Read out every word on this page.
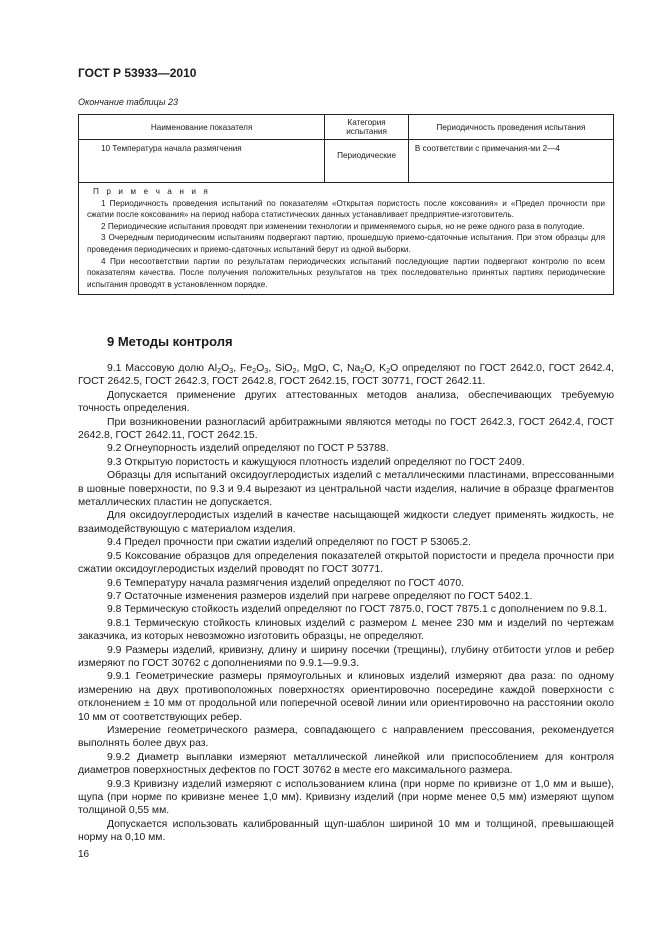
ГОСТ Р 53933—2010
Окончание таблицы 23
Наименование показателя	Категория испытания	Периодичность проведения испытания
10 Температура начала размягчения	Периодические	В соответствии с примечания-ми 2—4

П р и м е ч а н и я

1 Периодичность проведения испытаний по показателям «Открытая пористость после коксования» и «Предел прочности при сжатии после коксования» на период набора статистических данных устанавливает предприятие-изготовитель.

2 Периодические испытания проводят при изменении технологии и применяемого сырья, но не реже одного раза в полугодие.

3 Очередным периодическим испытаниям подвергают партию, прошедшую приемо-сдаточные испытания. При этом образцы для проведения периодических и приемо-сдаточных испытаний берут из одной выборки.

4 При несоответствии партии по результатам периодических испытаний последующие партии подвергают контролю по всем показателям качества. После получения положительных результатов на трех последовательно принятых партиях периодические испытания проводят в установленном порядке.		

9 Методы контроля

9.1 Массовую долю $Al_2O_3$, $Fe_2O_3$, SiO$_2$, MgO, C, $Na_2O$, $K_2O$ определяют по ГОСТ 2642.0, ГОСТ 2642.4, ГОСТ 2642.5, ГОСТ 2642.3, ГОСТ 2642.8, ГОСТ 2642.15, ГОСТ 30771, ГОСТ 2642.11.

Допускается применение других аттестованных методов анализа, обеспечивающих требуемую точность определения.

При возникновении разногласий арбитражными являются методы по ГОСТ 2642.3, ГОСТ 2642.4, ГОСТ 2642.8, ГОСТ 2642.11, ГОСТ 2642.15.

9.2 Огнеупорность изделий определяют по ГОСТ Р 53788.

9.3 Открытую пористость и кажущуюся плотность изделий определяют по ГОСТ 2409.

Образцы для испытаний оксидоуглеродистых изделий с металлическими пластинами, впрессованными в шовные поверхности, по 9.3 и 9.4 вырезают из центральной части изделия, наличие в образце фрагментов металлических пластин не допускается.

Для оксидоуглеродистых изделий в качестве насыщающей жидкости следует применять жидкость, не взаимодействующую с материалом изделия.

9.4 Предел прочности при сжатии изделий определяют по ГОСТ Р 53065.2.

9.5 Коксование образцов для определения показателей открытой пористости и предела прочности при сжатии оксидоуглеродистых изделий проводят по ГОСТ 30771.

9.6 Температуру начала размягчения изделий определяют по ГОСТ 4070.

9.7 Остаточные изменения размеров изделий при нагреве определяют по ГОСТ 5402.1.

9.8 Термическую стойкость изделий определяют по ГОСТ 7875.0, ГОСТ 7875.1 с дополнением по 9.8.1.

9.8.1 Термическую стойкость клиновых изделий с размером L менее 230 мм и изделий по чертежам заказчика, из которых невозможно изготовить образцы, не определяют.

9.9 Размеры изделий, кривизну, длину и ширину посечки (трещины), глубину отбитости углов и ребер измеряют по ГОСТ 30762 с дополнениями по 9.9.1—9.9.3.

9.9.1 Геометрические размеры прямоугольных и клиновых изделий измеряют два раза: по одному измерению на двух противоположных поверхностях ориентировочно посередине каждой поверхности с отклонением ± 10 мм от продольной или поперечной осевой линии или ориентировочно на расстоянии около 10 мм от соответствующих ребер.

Измерение геометрического размера, совпадающего с направлением прессования, рекомендуется выполнять более двух раз.

9.9.2 Диаметр выплавки измеряют металлической линейкой или приспособлением для контроля диаметров поверхностных дефектов по ГОСТ 30762 в месте его максимального размера.

9.9.3 Кривизну изделий измеряют с использованием клина (при норме по кривизне от 1,0 мм и выше), щупа (при норме по кривизне менее 1,0 мм). Кривизну изделий (при норме менее 0,5 мм) измеряют щупом толщиной 0,55 мм.

Допускается использовать калиброванный щуп-шаблон шириной 10 мм и толщиной, превышающей норму на 0,10 мм.

16
